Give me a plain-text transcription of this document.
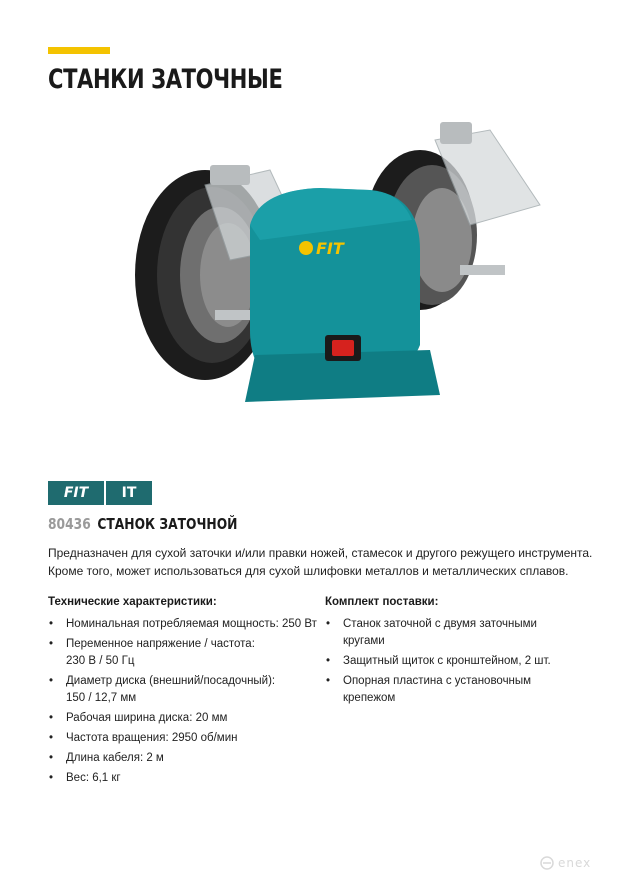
СТАНКИ ЗАТОЧНЫЕ
FIT
FIT	IT
80436 СТАНОК ЗАТОЧНОЙ

Предназначен для сухой заточки и/или правки ножей, стамесок и другого режущего инструмента. Кроме того, может использоваться для сухой шлифовки металлов и металлических сплавов.

Технические характеристики:

• Номинальная потребляемая мощность: 250 Вт
• Переменное напряжение / частота:
230 В / 50 Гц
• Диаметр диска (внешний/посадочный):
150 / 12,7 мм
• Рабочая ширина диска: 20 мм
• Частота вращения: 2950 об/мин
• Длина кабеля: 2 м
• Вес: 6,1 кг

Комплект поставки:

• Станок заточной с двумя заточными
кругами
• Защитный щиток с кронштейном, 2 шт.
• Опорная пластина с установочным
крепежом
enex
